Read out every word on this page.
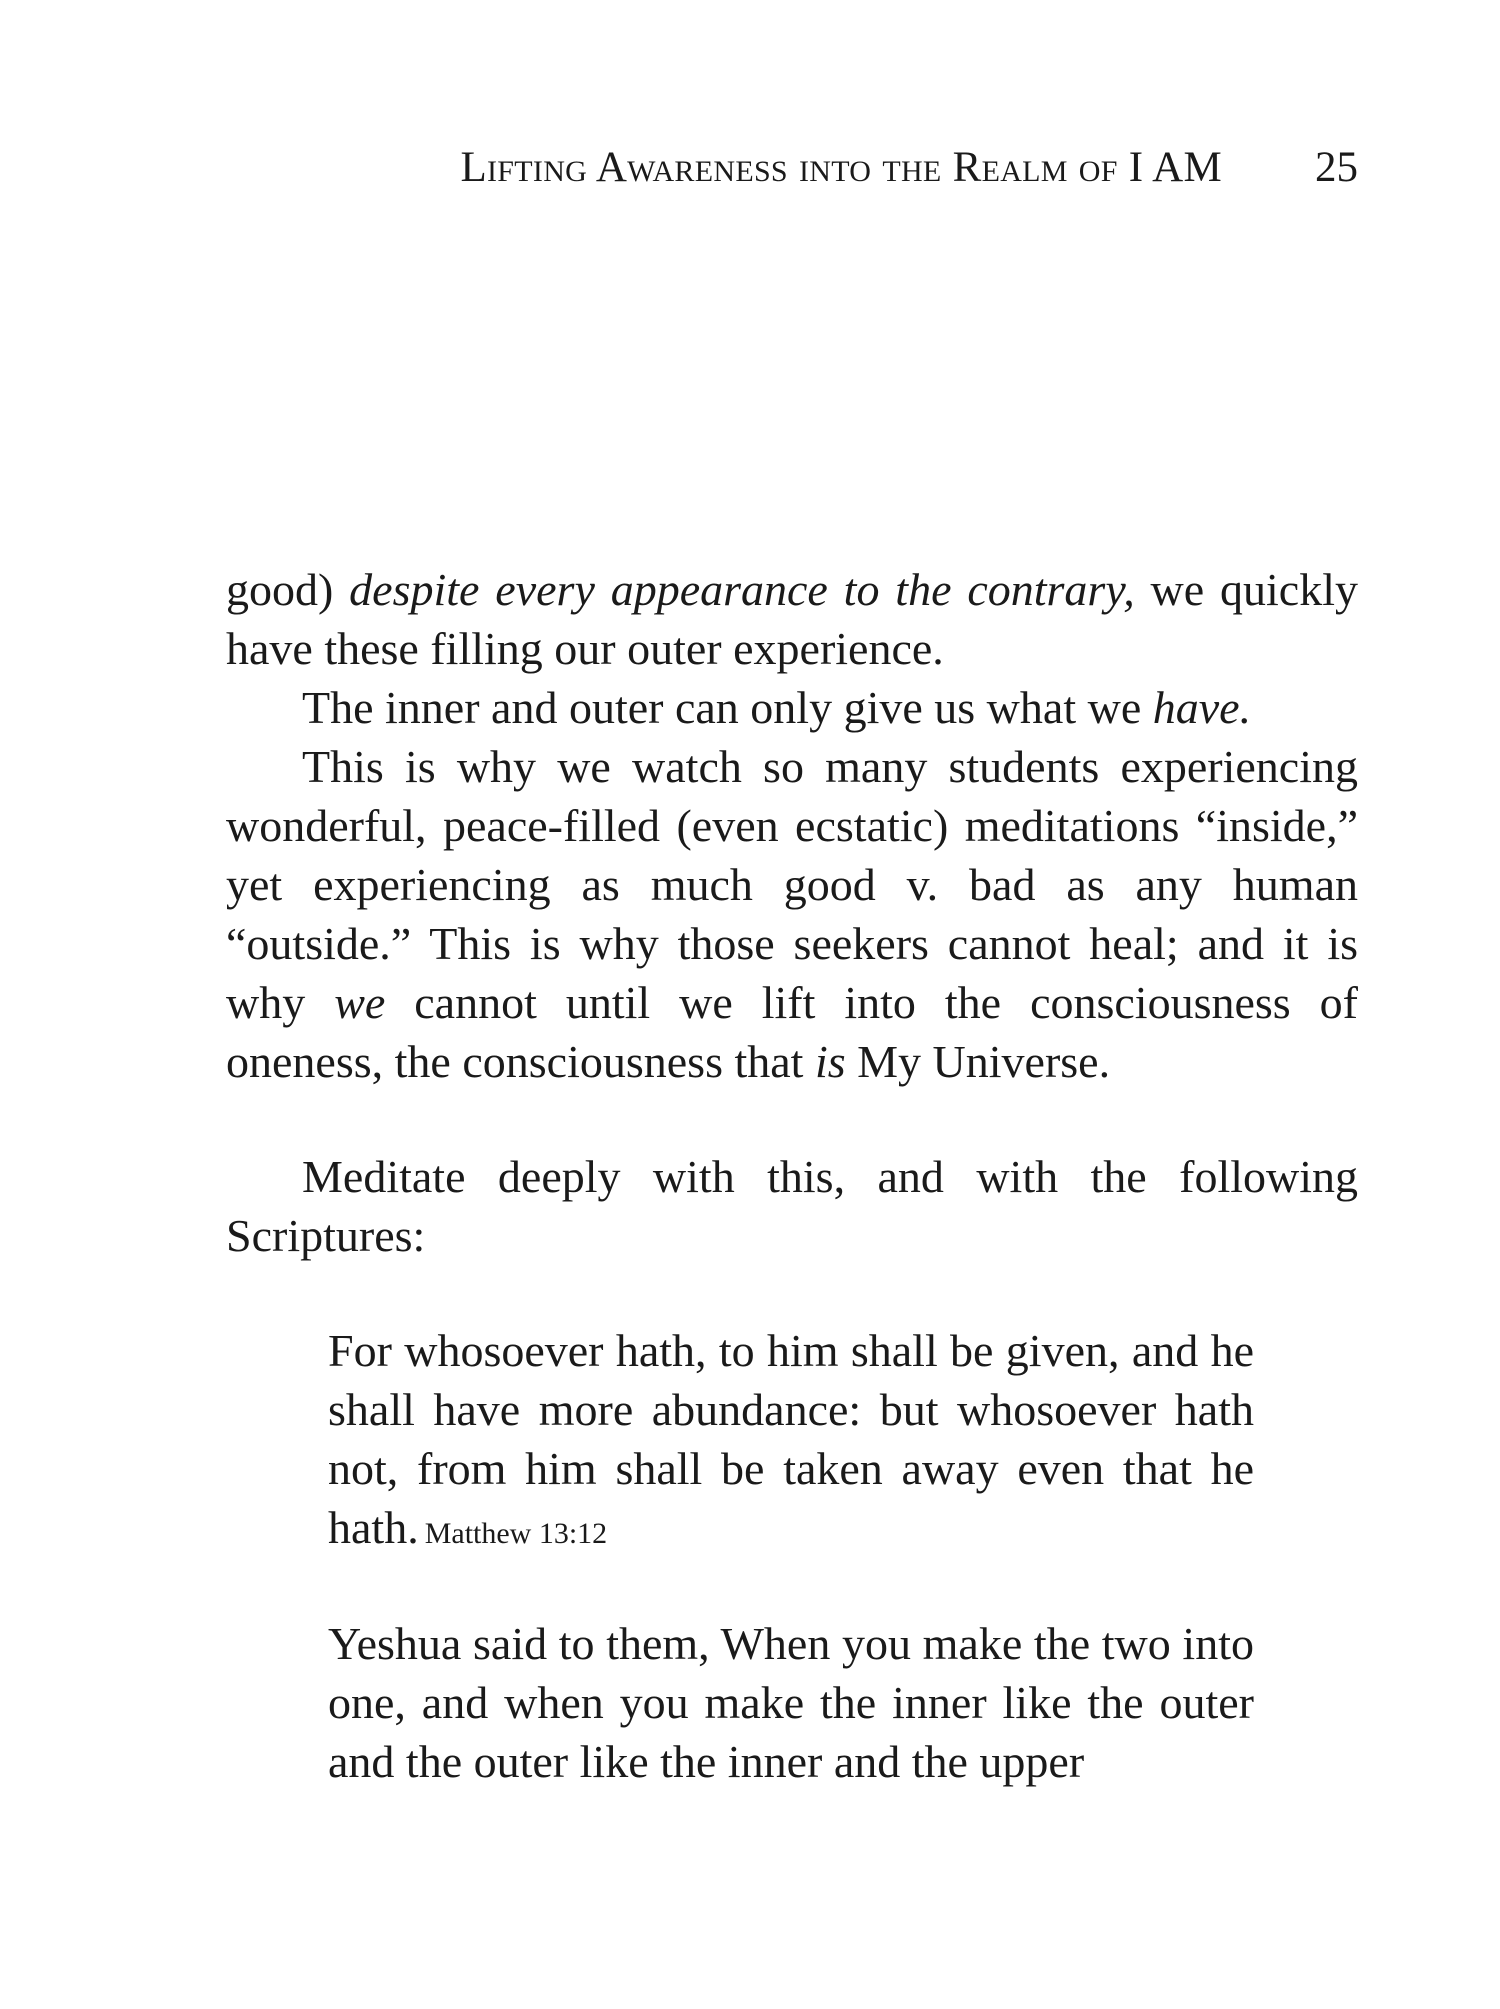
Lifting Awareness into the Realm of I AM 25

good) despite every appearance to the contrary, we quickly have these filling our outer experience.

The inner and outer can only give us what we have.

This is why we watch so many students experiencing wonderful, peace-filled (even ecstatic) meditations “inside,” yet experiencing as much good v. bad as any human “outside.” This is why those seekers cannot heal; and it is why we cannot until we lift into the consciousness of oneness, the consciousness that is My Universe.

Meditate deeply with this, and with the following Scriptures:

For whosoever hath, to him shall be given, and he shall have more abundance: but whosoever hath not, from him shall be taken away even that he hath. Matthew 13:12

Yeshua said to them, When you make the two into one, and when you make the inner like the outer and the outer like the inner and the upper
